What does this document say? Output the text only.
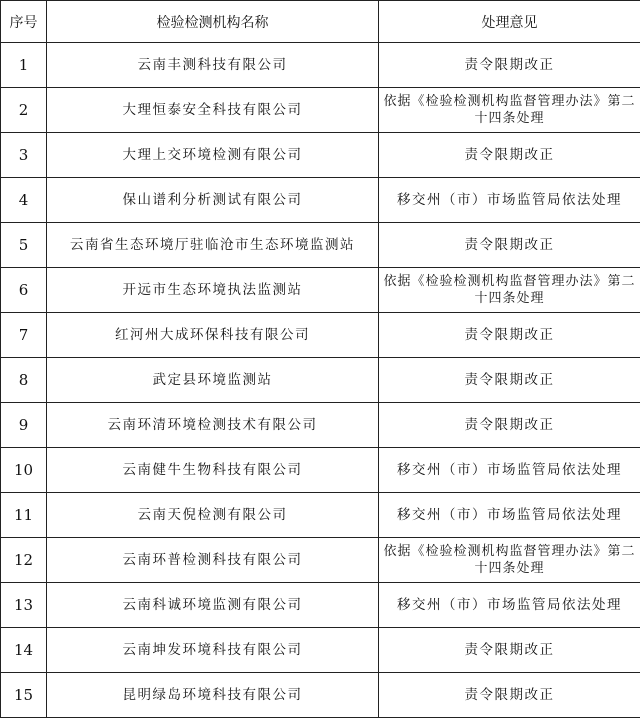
序号	检验检测机构名称	处理意见
1	云南丰测科技有限公司	责令限期改正
2	大理恒泰安全科技有限公司	依据《检验检测机构监督管理办法》第二十四条处理
3	大理上交环境检测有限公司	责令限期改正
4	保山谱利分析测试有限公司	移交州（市）市场监管局依法处理
5	云南省生态环境厅驻临沧市生态环境监测站	责令限期改正
6	开远市生态环境执法监测站	依据《检验检测机构监督管理办法》第二十四条处理
7	红河州大成环保科技有限公司	责令限期改正
8	武定县环境监测站	责令限期改正
9	云南环清环境检测技术有限公司	责令限期改正
10	云南健牛生物科技有限公司	移交州（市）市场监管局依法处理
11	云南天倪检测有限公司	移交州（市）市场监管局依法处理
12	云南环普检测科技有限公司	依据《检验检测机构监督管理办法》第二十四条处理
13	云南科诚环境监测有限公司	移交州（市）市场监管局依法处理
14	云南坤发环境科技有限公司	责令限期改正
15	昆明绿岛环境科技有限公司	责令限期改正
